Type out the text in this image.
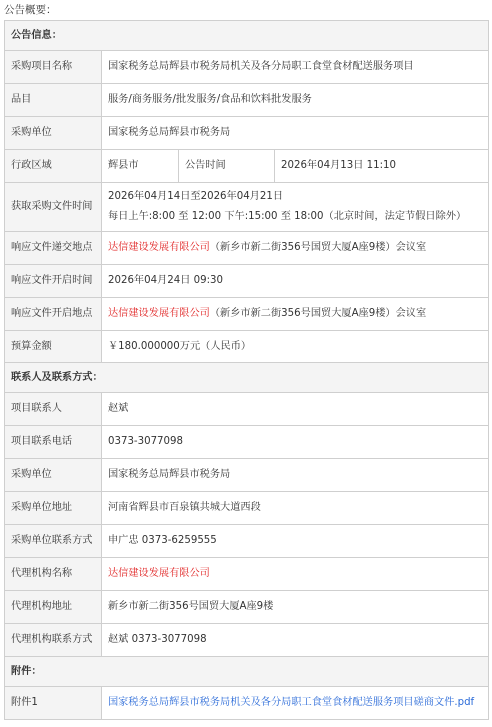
公告概要：
公告信息：			
采购项目名称	国家税务总局辉县市税务局机关及各分局职工食堂食材配送服务项目		
品目	服务/商务服务/批发服务/食品和饮料批发服务		
采购单位	国家税务总局辉县市税务局		
行政区域	辉县市	公告时间	2026年04月13日 11:10
获取采购文件时间	2026年04月14日至2026年04月21日
每日上午:8:00 至 12:00 下午:15:00 至 18:00（北京时间，法定节假日除外）		

响应文件递交地点	达信建设发展有限公司（新乡市新二街356号国贸大厦A座9楼）会议室		
响应文件开启时间	2026年04月24日 09:30		
响应文件开启地点	达信建设发展有限公司（新乡市新二街356号国贸大厦A座9楼）会议室		
预算金额	￥180.000000万元（人民币）		
联系人及联系方式：			
项目联系人	赵斌		
项目联系电话	0373-3077098		
采购单位	国家税务总局辉县市税务局		
采购单位地址	河南省辉县市百泉镇共城大道西段		
采购单位联系方式	申广忠 0373-6259555		
代理机构名称	达信建设发展有限公司		
代理机构地址	新乡市新二街356号国贸大厦A座9楼		
代理机构联系方式	赵斌 0373-3077098		
附件：			
附件1	国家税务总局辉县市税务局机关及各分局职工食堂食材配送服务项目磋商文件.pdf		
